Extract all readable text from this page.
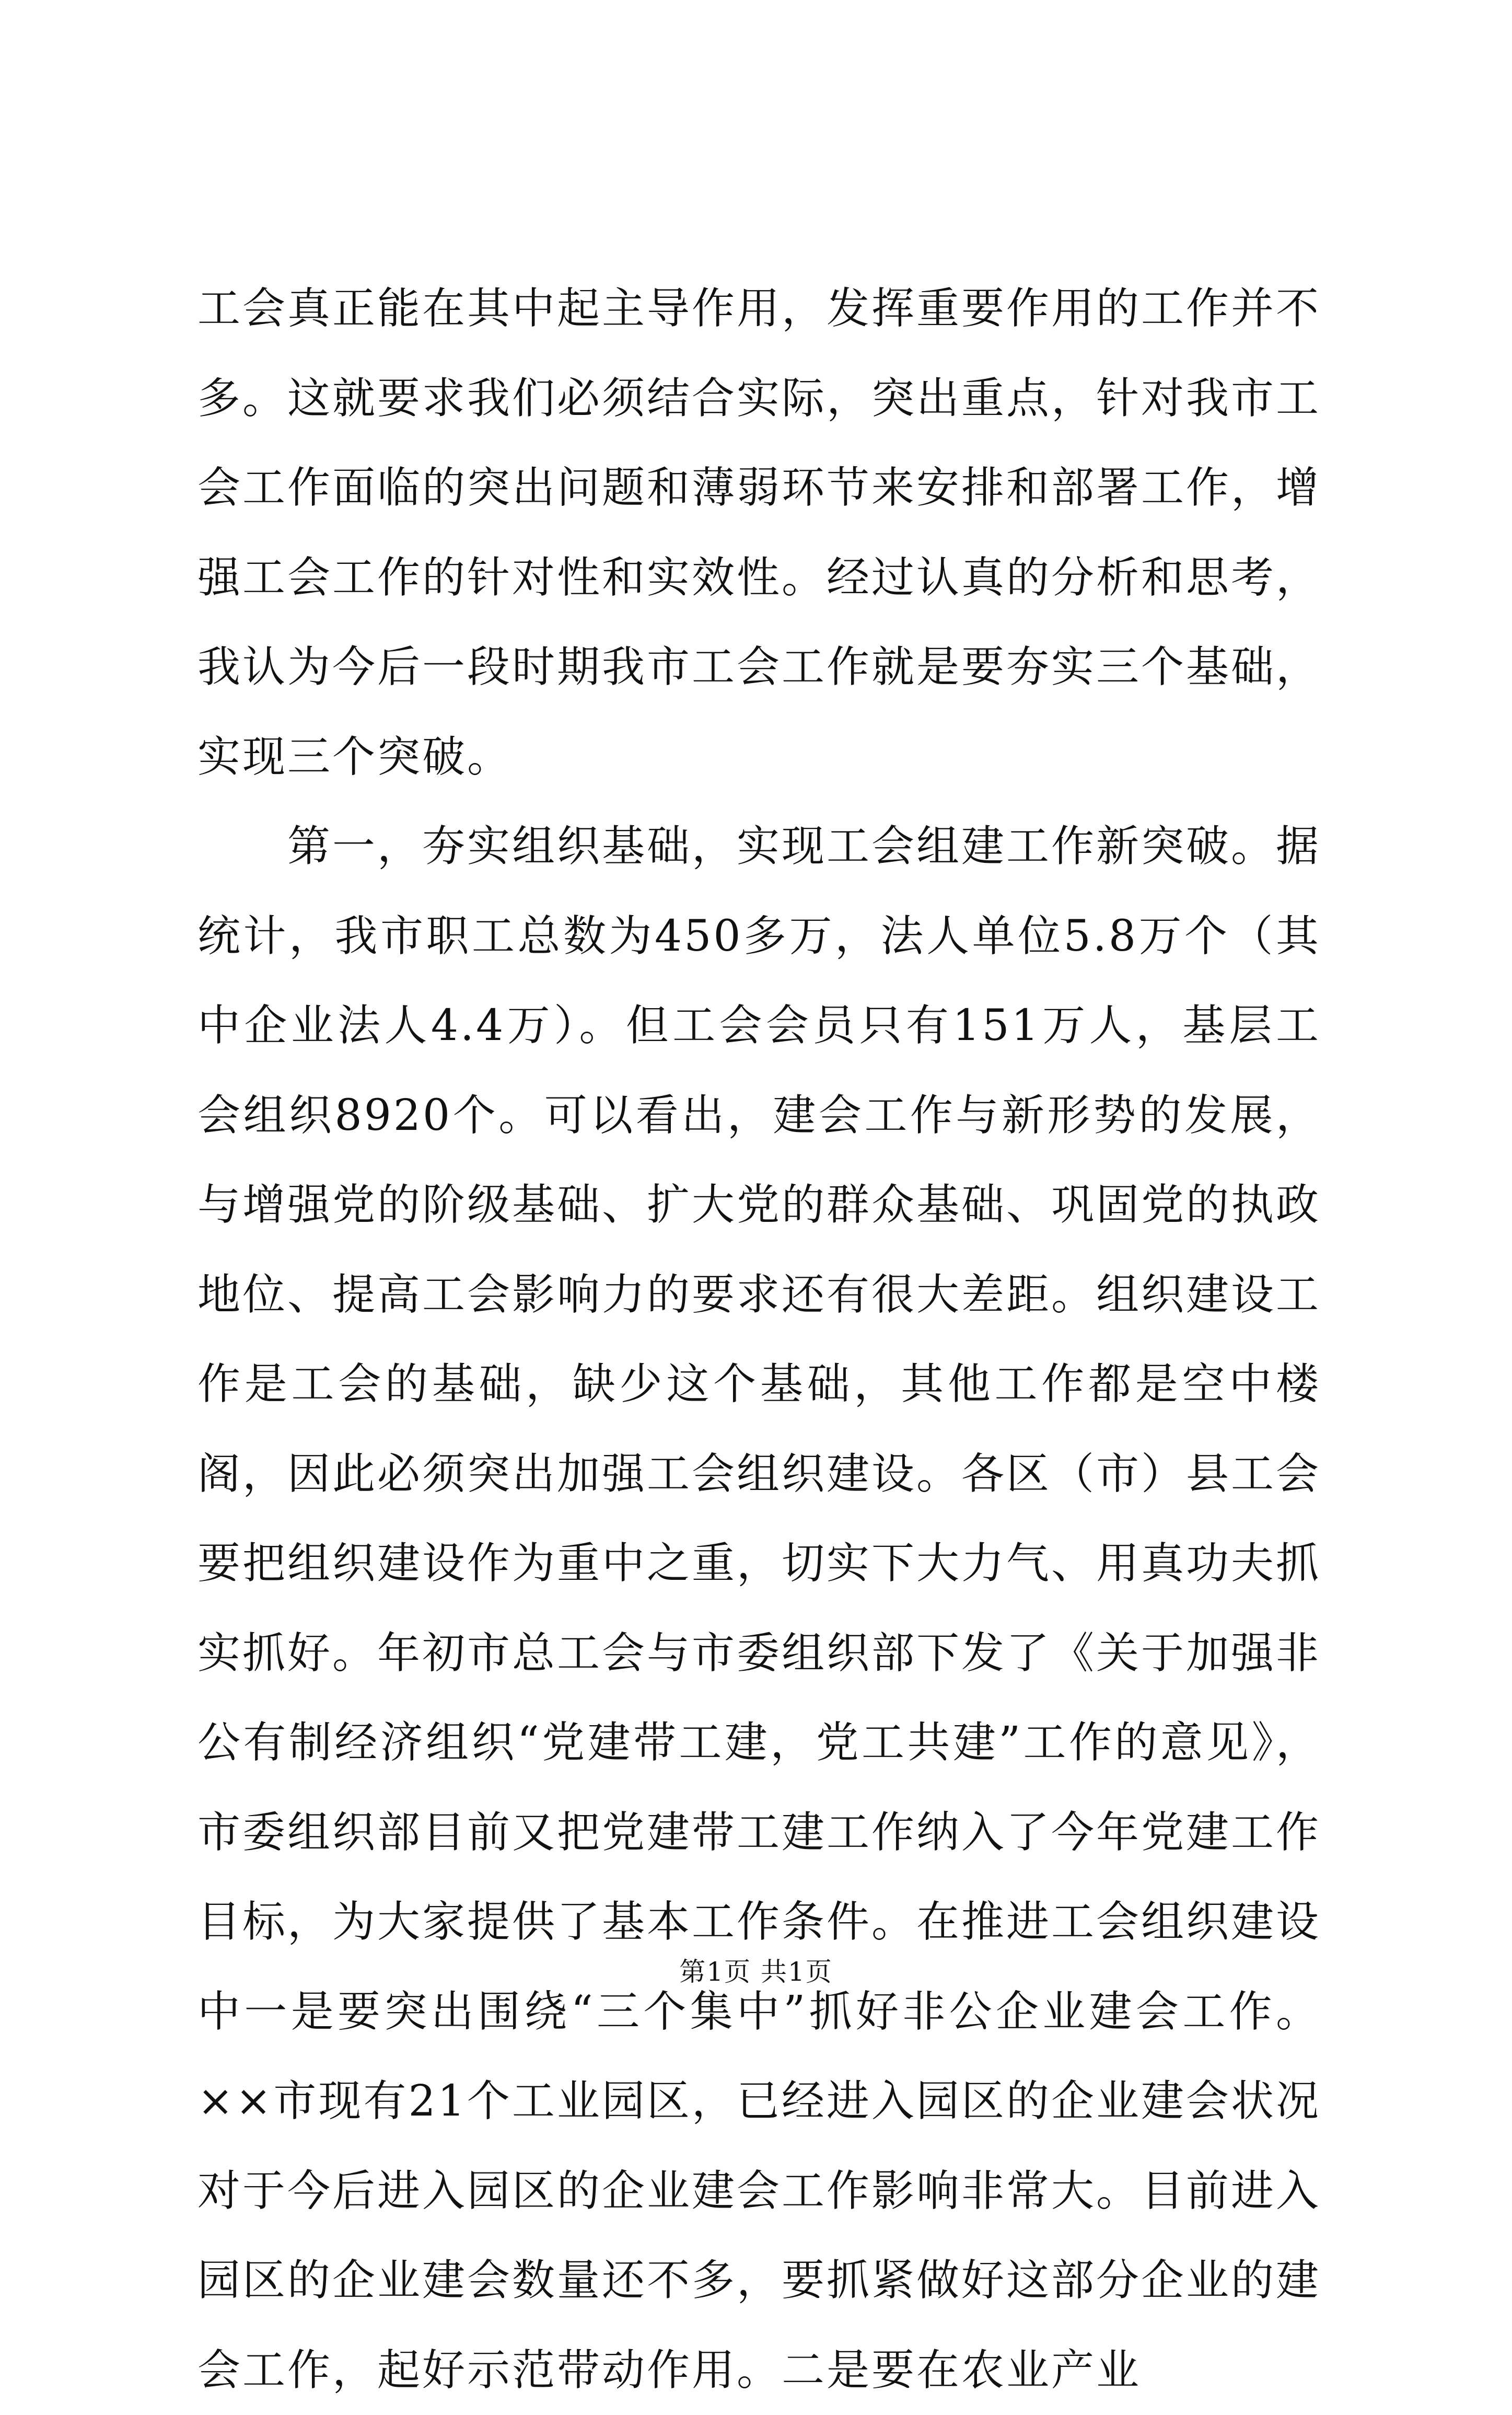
工会真正能在其中起主导作用，发挥重要作用的工作并不多。这就要求我们必须结合实际，突出重点，针对我市工会工作面临的突出问题和薄弱环节来安排和部署工作，增强工会工作的针对性和实效性。经过认真的分析和思考，我认为今后一段时期我市工会工作就是要夯实三个基础，实现三个突破。

第一，夯实组织基础，实现工会组建工作新突破。据统计，我市职工总数为450多万，法人单位5.8万个（其中企业法人4.4万）。但工会会员只有151万人，基层工会组织8920个。可以看出，建会工作与新形势的发展，与增强党的阶级基础、扩大党的群众基础、巩固党的执政地位、提高工会影响力的要求还有很大差距。组织建设工作是工会的基础，缺少这个基础，其他工作都是空中楼阁，因此必须突出加强工会组织建设。各区（市）县工会要把组织建设作为重中之重，切实下大力气、用真功夫抓实抓好。年初市总工会与市委组织部下发了《关于加强非公有制经济组织“党建带工建，党工共建”工作的意见》，市委组织部目前又把党建带工建工作纳入了今年党建工作目标，为大家提供了基本工作条件。在推进工会组织建设中一是要突出围绕“三个集中”抓好非公企业建会工作。××市现有21个工业园区，已经进入园区的企业建会状况对于今后进入园区的企业建会工作影响非常大。目前进入园区的企业建会数量还不多，要抓紧做好这部分企业的建会工作，起好示范带动作用。二是要在农业产业

第1页 共1页
